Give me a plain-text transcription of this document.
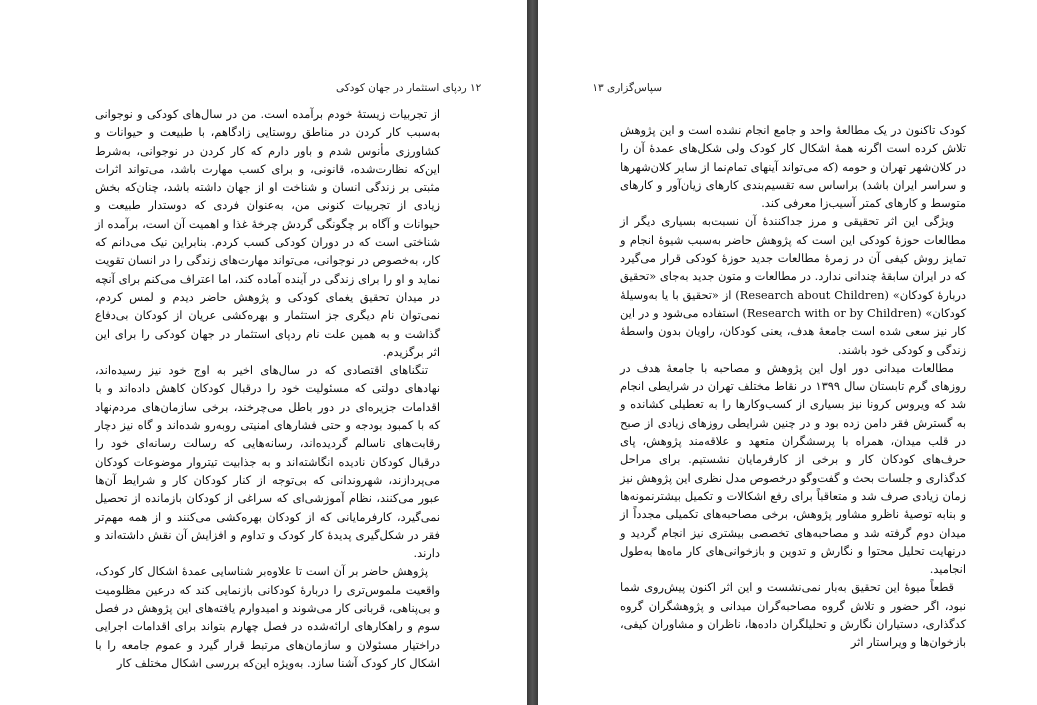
۱۲ ردپای استثمار در جهان کودکی

از تجربیات زیستهٔ خودم برآمده است. من در سال‌های کودکی و نوجوانی به‌سبب کار کردن در مناطق روستایی زادگاهم، با طبیعت و حیوانات و کشاورزی مأنوس شدم و باور دارم که کار کردن در نوجوانی، به‌شرط این‌که نظارت‌شده، قانونی، و برای کسب مهارت باشد، می‌تواند اثرات مثبتی بر زندگی انسان و شناخت او از جهان داشته باشد، چنان‌که بخش زیادی از تجربیات کنونی من، به‌عنوان فردی که دوستدار طبیعت و حیوانات و آگاه بر چگونگی گردش چرخهٔ غذا و اهمیت آن است، برآمده از شناختی است که در دوران کودکی کسب کردم. بنابراین نیک می‌دانم که کار، به‌خصوص در نوجوانی، می‌تواند مهارت‌های زندگی را در انسان تقویت نماید و او را برای زندگی در آینده آماده کند، اما اعتراف می‌کنم برای آنچه در میدان تحقیق یغمای کودکی و پژوهش حاضر دیدم و لمس کردم، نمی‌توان نام دیگری جز استثمار و بهره‌کشی عریان از کودکان بی‌دفاع گذاشت و به همین علت نام ردپای استثمار در جهان کودکی را برای این اثر برگزیدم.

تنگناهای اقتصادی که در سال‌های اخیر به اوج خود نیز رسیده‌اند، نهادهای دولتی که مسئولیت خود را درقبال کودکان کاهش داده‌اند و با اقدامات جزیره‌ای در دور باطل می‌چرخند، برخی سازمان‌های مردم‌نهاد که با کمبود بودجه و حتی فشارهای امنیتی روبه‌رو شده‌اند و گاه نیز دچار رقابت‌های ناسالم گردیده‌اند، رسانه‌هایی که رسالت رسانه‌ای خود را درقبال کودکان نادیده انگاشته‌اند و به جذابیت تیتروار موضوعات کودکان می‌پردازند، شهروندانی که بی‌توجه از کنار کودکان کار و شرایط آن‌ها عبور می‌کنند، نظام آموزشی‌ای که سراغی از کودکان بازمانده از تحصیل نمی‌گیرد، کارفرمایانی که از کودکان بهره‌کشی می‌کنند و از همه مهم‌تر فقر در شکل‌گیری پدیدهٔ کار کودک و تداوم و افزایش آن نقش داشته‌اند و دارند.

پژوهش حاضر بر آن است تا علاوه‌بر شناسایی عمدهٔ اشکال کار کودک، واقعیت ملموس‌تری را دربارهٔ کودکانی بازنمایی کند که درعین مظلومیت و بی‌پناهی، قربانی کار می‌شوند و امیدوارم یافته‌های این پژوهش در فصل سوم و راهکارهای ارائه‌شده در فصل چهارم بتواند برای اقدامات اجرایی دراختیار مسئولان و سازمان‌های مرتبط قرار گیرد و عموم جامعه را با اشکال کار کودک آشنا سازد. به‌ویژه این‌که بررسی اشکال مختلف کار

سپاس‌گزاری ۱۳

کودک تاکنون در یک مطالعهٔ واحد و جامع انجام نشده است و این پژوهش تلاش کرده است اگرنه همهٔ اشکال کار کودک ولی شکل‌های عمدهٔ آن را در کلان‌شهر تهران و حومه (که می‌تواند آینهای تمام‌نما از سایر کلان‌شهرها و سراسر ایران باشد) براساس سه تقسیم‌بندی کارهای زیان‌آور و کارهای متوسط و کارهای کمتر آسیب‌زا معرفی کند.

ویژگی این اثر تحقیقی و مرز جداکنندهٔ آن نسبت‌به بسیاری دیگر از مطالعات حوزهٔ کودکی این است که پژوهش حاضر به‌سبب شیوهٔ انجام و تمایز روش کیفی آن در زمرهٔ مطالعات جدید حوزهٔ کودکی قرار می‌گیرد که در ایران سابقهٔ چندانی ندارد. در مطالعات و متون جدید به‌جای «تحقیق دربارهٔ کودکان» (Research about Children) از «تحقیق با یا به‌وسیلهٔ کودکان» (Research with or by Children) استفاده می‌شود و در این کار نیز سعی شده است جامعهٔ هدف، یعنی کودکان، راویان بدون واسطهٔ زندگی و کودکی خود باشند.

مطالعات میدانی دور اول این پژوهش و مصاحبه با جامعهٔ هدف در روزهای گرم تابستان سال ۱۳۹۹ در نقاط مختلف تهران در شرایطی انجام شد که ویروس کرونا نیز بسیاری از کسب‌وکارها را به تعطیلی کشانده و به گسترش فقر دامن زده بود و در چنین شرایطی روزهای زیادی از صبح در قلب میدان، همراه با پرسشگران متعهد و علاقه‌مند پژوهش، پای حرف‌های کودکان کار و برخی از کارفرمایان نشستیم. برای مراحل کدگذاری و جلسات بحث و گفت‌وگو درخصوص مدل نظری این پژوهش نیز زمان زیادی صرف شد و متعاقباً برای رفع اشکالات و تکمیل بیشترنمونه‌ها و بنابه توصیهٔ ناظرو مشاور پژوهش، برخی مصاحبه‌های تکمیلی مجدداً از میدان دوم گرفته شد و مصاحبه‌های تخصصی بیشتری نیز انجام گردید و درنهایت تحلیل محتوا و نگارش و تدوین و بازخوانی‌های کار ماه‌ها به‌طول انجامید.

قطعاً میوهٔ این تحقیق به‌بار نمی‌نشست و این اثر اکنون پیش‌روی شما نبود، اگر حضور و تلاش گروه مصاحبه‌گران میدانی و پژوهشگران گروه کدگذاری، دستیاران نگارش و تحلیلگران داده‌ها، ناظران و مشاوران کیفی، بازخوان‌ها و ویراستار اثر
